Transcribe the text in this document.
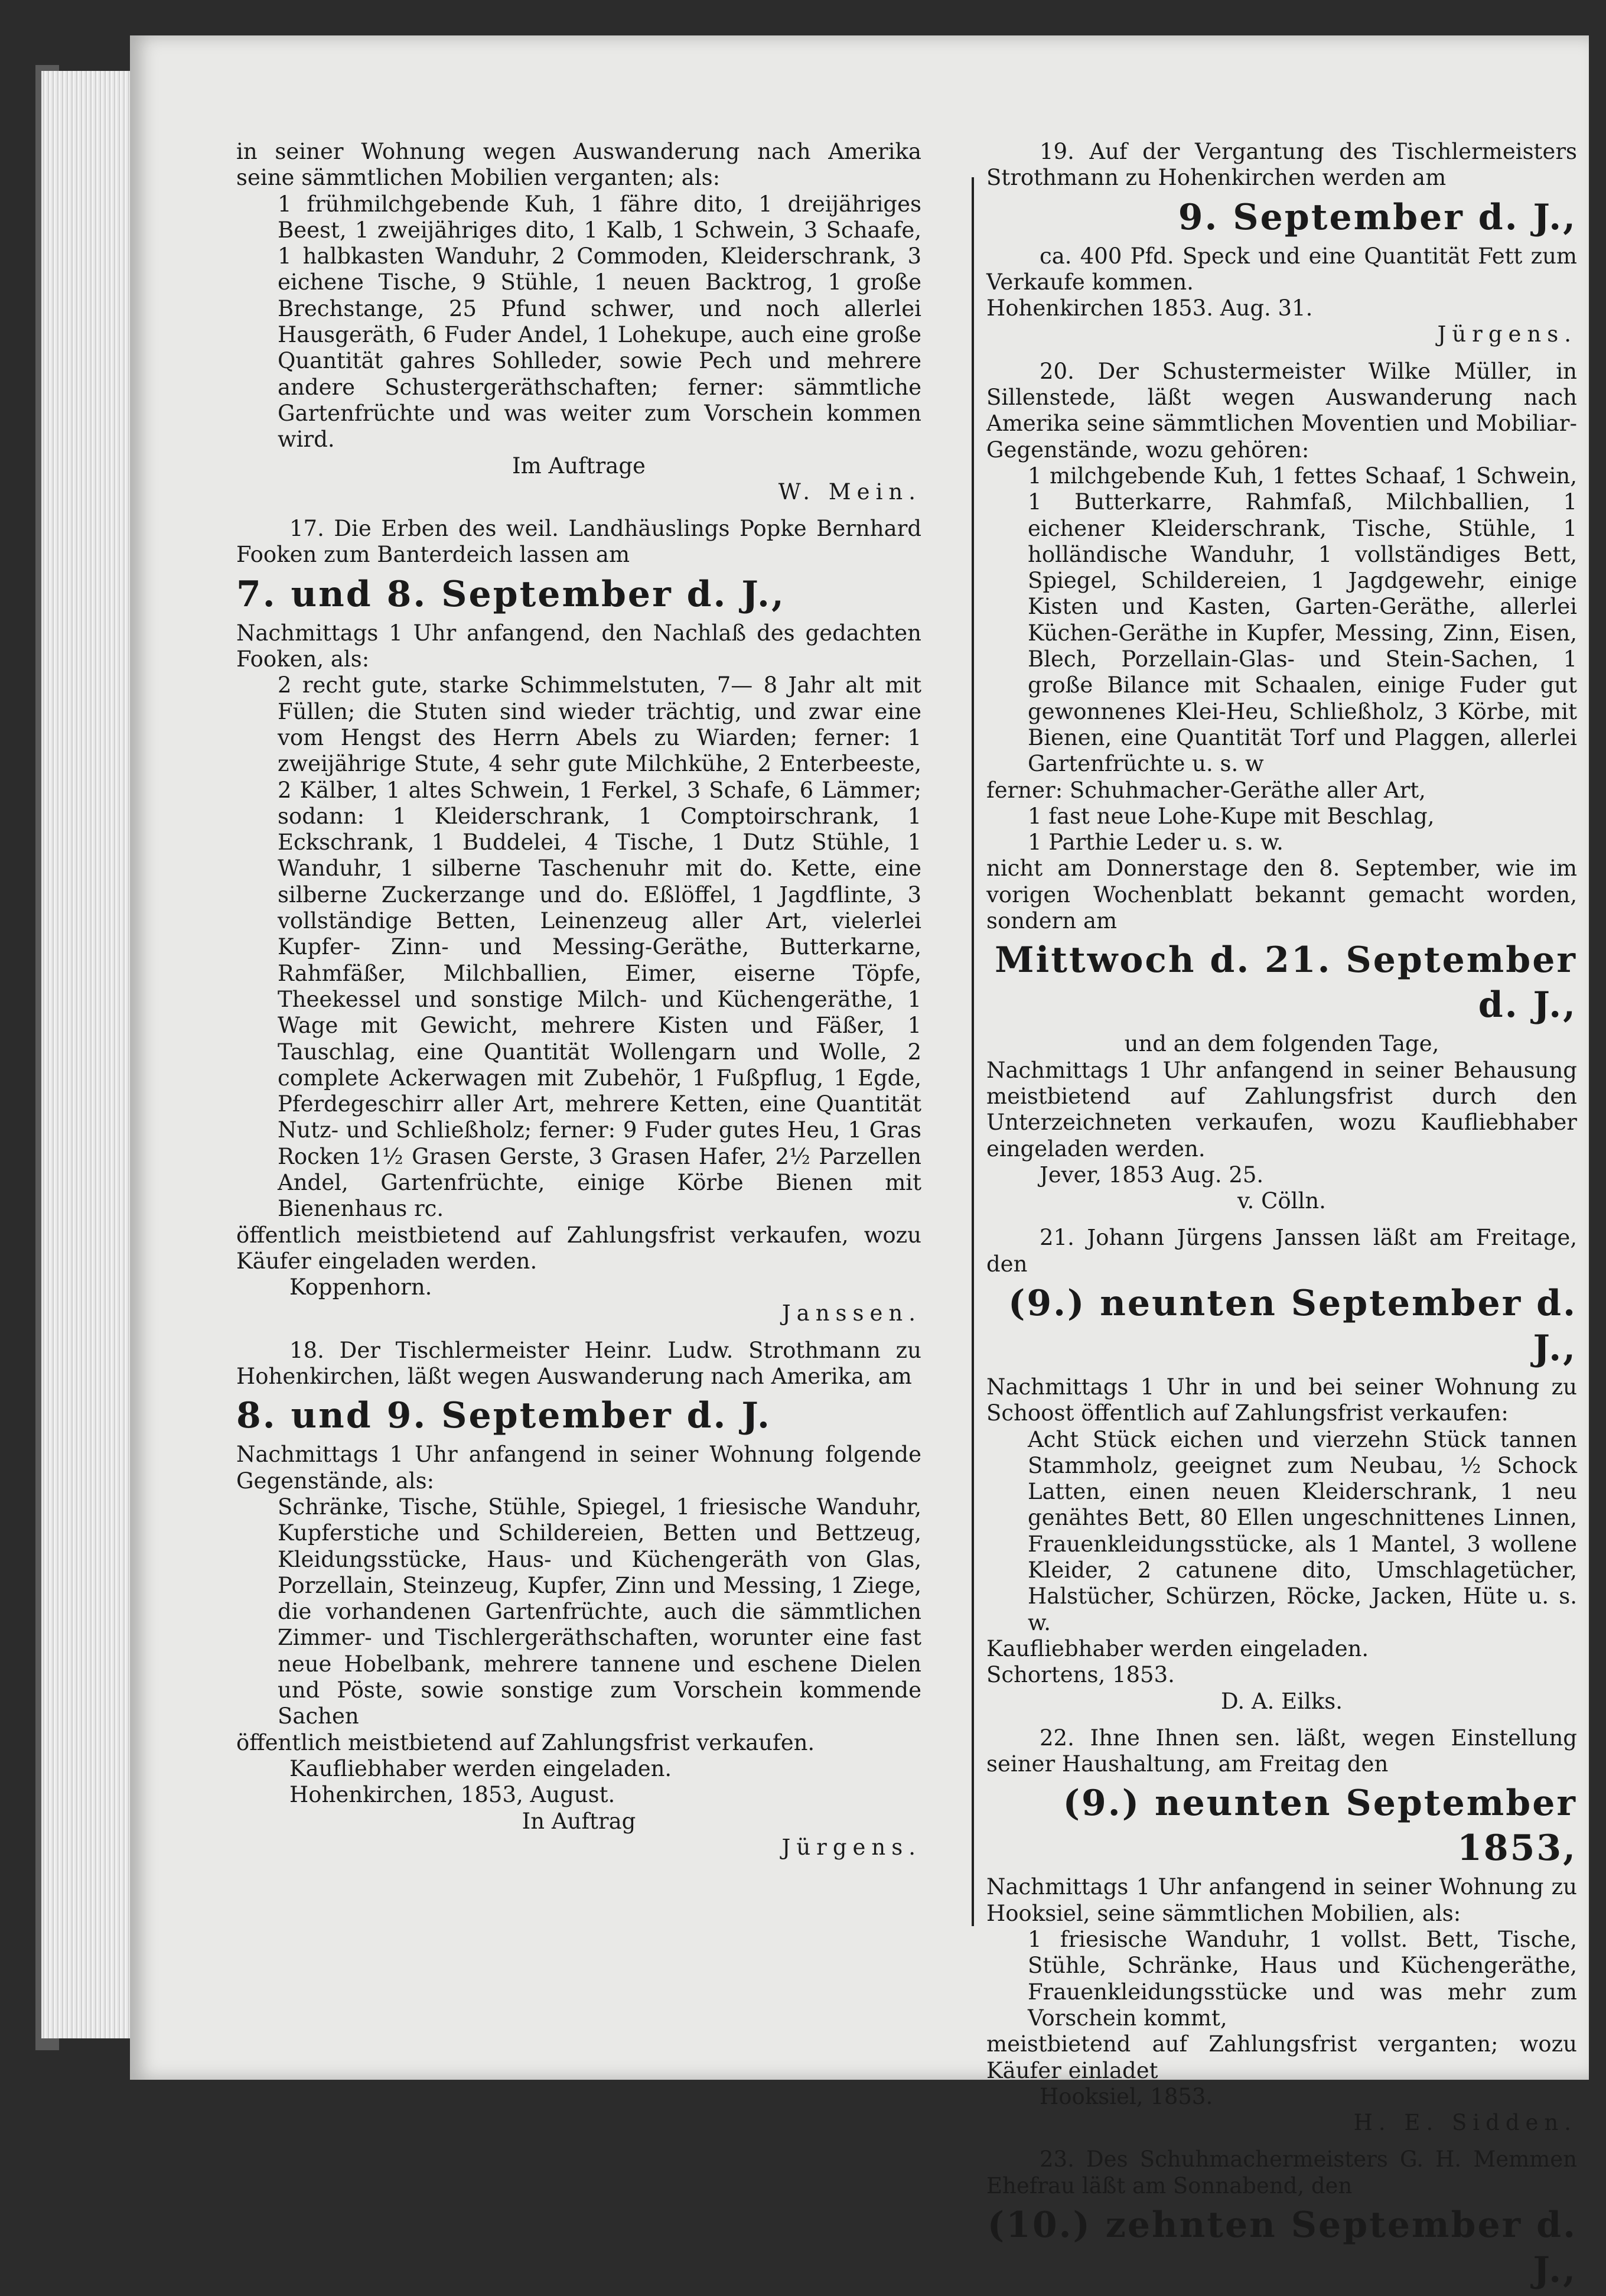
in seiner Wohnung wegen Auswanderung nach Amerika seine sämmtlichen Mobilien verganten; als:

1 frühmilchgebende Kuh, 1 fähre dito, 1 dreijähriges Beest, 1 zweijähriges dito, 1 Kalb, 1 Schwein, 3 Schaafe, 1 halbkasten Wanduhr, 2 Commoden, Kleiderschrank, 3 eichene Tische, 9 Stühle, 1 neuen Backtrog, 1 große Brechstange, 25 Pfund schwer, und noch allerlei Hausgeräth, 6 Fuder Andel, 1 Lohekupe, auch eine große Quantität gahres Sohlleder, sowie Pech und mehrere andere Schustergeräthschaften; ferner: sämmtliche Gartenfrüchte und was weiter zum Vorschein kommen wird.

Im Auftrage

W. Mein.

17. Die Erben des weil. Landhäuslings Popke Bernhard Fooken zum Banterdeich lassen am

7. und 8. September d. J.,

Nachmittags 1 Uhr anfangend, den Nachlaß des gedachten Fooken, als:

2 recht gute, starke Schimmelstuten, 7— 8 Jahr alt mit Füllen; die Stuten sind wieder trächtig, und zwar eine vom Hengst des Herrn Abels zu Wiarden; ferner: 1 zweijährige Stute, 4 sehr gute Milchkühe, 2 Enterbeeste, 2 Kälber, 1 altes Schwein, 1 Ferkel, 3 Schafe, 6 Lämmer; sodann: 1 Kleiderschrank, 1 Comptoirschrank, 1 Eckschrank, 1 Buddelei, 4 Tische, 1 Dutz Stühle, 1 Wanduhr, 1 silberne Taschenuhr mit do. Kette, eine silberne Zuckerzange und do. Eßlöffel, 1 Jagdflinte, 3 vollständige Betten, Leinenzeug aller Art, vielerlei Kupfer- Zinn- und Messing-Geräthe, Butterkarne, Rahmfäßer, Milchballien, Eimer, eiserne Töpfe, Theekessel und sonstige Milch- und Küchengeräthe, 1 Wage mit Gewicht, mehrere Kisten und Fäßer, 1 Tauschlag, eine Quantität Wollengarn und Wolle, 2 complete Ackerwagen mit Zubehör, 1 Fußpflug, 1 Egde, Pferdegeschirr aller Art, mehrere Ketten, eine Quantität Nutz- und Schließholz; ferner: 9 Fuder gutes Heu, 1 Gras Rocken 1½ Grasen Gerste, 3 Grasen Hafer, 2½ Parzellen Andel, Gartenfrüchte, einige Körbe Bienen mit Bienenhaus rc.

öffentlich meistbietend auf Zahlungsfrist verkaufen, wozu Käufer eingeladen werden.

Koppenhorn.

Janssen.

18. Der Tischlermeister Heinr. Ludw. Strothmann zu Hohenkirchen, läßt wegen Auswanderung nach Amerika, am

8. und 9. September d. J.

Nachmittags 1 Uhr anfangend in seiner Wohnung folgende Gegenstände, als:

Schränke, Tische, Stühle, Spiegel, 1 friesische Wanduhr, Kupferstiche und Schildereien, Betten und Bettzeug, Kleidungsstücke, Haus- und Küchengeräth von Glas, Porzellain, Steinzeug, Kupfer, Zinn und Messing, 1 Ziege, die vorhandenen Gartenfrüchte, auch die sämmtlichen Zimmer- und Tischlergeräthschaften, worunter eine fast neue Hobelbank, mehrere tannene und eschene Dielen und Pöste, sowie sonstige zum Vorschein kommende Sachen

öffentlich meistbietend auf Zahlungsfrist verkaufen.

Kaufliebhaber werden eingeladen.

Hohenkirchen, 1853, August.

In Auftrag

Jürgens.

19. Auf der Vergantung des Tischlermeisters Strothmann zu Hohenkirchen werden am

9. September d. J.,

ca. 400 Pfd. Speck und eine Quantität Fett zum Verkaufe kommen.

Hohenkirchen 1853. Aug. 31.

Jürgens.

20. Der Schustermeister Wilke Müller, in Sillenstede, läßt wegen Auswanderung nach Amerika seine sämmtlichen Moventien und Mobiliar-Gegenstände, wozu gehören:

1 milchgebende Kuh, 1 fettes Schaaf, 1 Schwein, 1 Butterkarre, Rahmfaß, Milchballien, 1 eichener Kleiderschrank, Tische, Stühle, 1 holländische Wanduhr, 1 vollständiges Bett, Spiegel, Schildereien, 1 Jagdgewehr, einige Kisten und Kasten, Garten-Geräthe, allerlei Küchen-Geräthe in Kupfer, Messing, Zinn, Eisen, Blech, Porzellain-Glas- und Stein-Sachen, 1 große Bilance mit Schaalen, einige Fuder gut gewonnenes Klei-Heu, Schließholz, 3 Körbe, mit Bienen, eine Quantität Torf und Plaggen, allerlei Gartenfrüchte u. s. w

ferner: Schuhmacher-Geräthe aller Art,

1 fast neue Lohe-Kupe mit Beschlag,

1 Parthie Leder u. s. w.

nicht am Donnerstage den 8. September, wie im vorigen Wochenblatt bekannt gemacht worden, sondern am

Mittwoch d. 21. September d. J.,

und an dem folgenden Tage,

Nachmittags 1 Uhr anfangend in seiner Behausung meistbietend auf Zahlungsfrist durch den Unterzeichneten verkaufen, wozu Kaufliebhaber eingeladen werden.

Jever, 1853 Aug. 25.

v. Cölln.

21. Johann Jürgens Janssen läßt am Freitage, den

(9.) neunten September d. J.,

Nachmittags 1 Uhr in und bei seiner Wohnung zu Schoost öffentlich auf Zahlungsfrist verkaufen:

Acht Stück eichen und vierzehn Stück tannen Stammholz, geeignet zum Neubau, ½ Schock Latten, einen neuen Kleiderschrank, 1 neu genähtes Bett, 80 Ellen ungeschnittenes Linnen, Frauenkleidungsstücke, als 1 Mantel, 3 wollene Kleider, 2 catunene dito, Umschlagetücher, Halstücher, Schürzen, Röcke, Jacken, Hüte u. s. w.

Kaufliebhaber werden eingeladen.

Schortens, 1853.

D. A. Eilks.

22. Ihne Ihnen sen. läßt, wegen Einstellung seiner Haushaltung, am Freitag den

(9.) neunten September 1853,

Nachmittags 1 Uhr anfangend in seiner Wohnung zu Hooksiel, seine sämmtlichen Mobilien, als:

1 friesische Wanduhr, 1 vollst. Bett, Tische, Stühle, Schränke, Haus und Küchengeräthe, Frauenkleidungsstücke und was mehr zum Vorschein kommt,

meistbietend auf Zahlungsfrist verganten; wozu Käufer einladet

Hooksiel, 1853.

H. E. Sidden.

23. Des Schuhmachermeisters G. H. Memmen Ehefrau läßt am Sonnabend, den

(10.) zehnten September d. J.,
